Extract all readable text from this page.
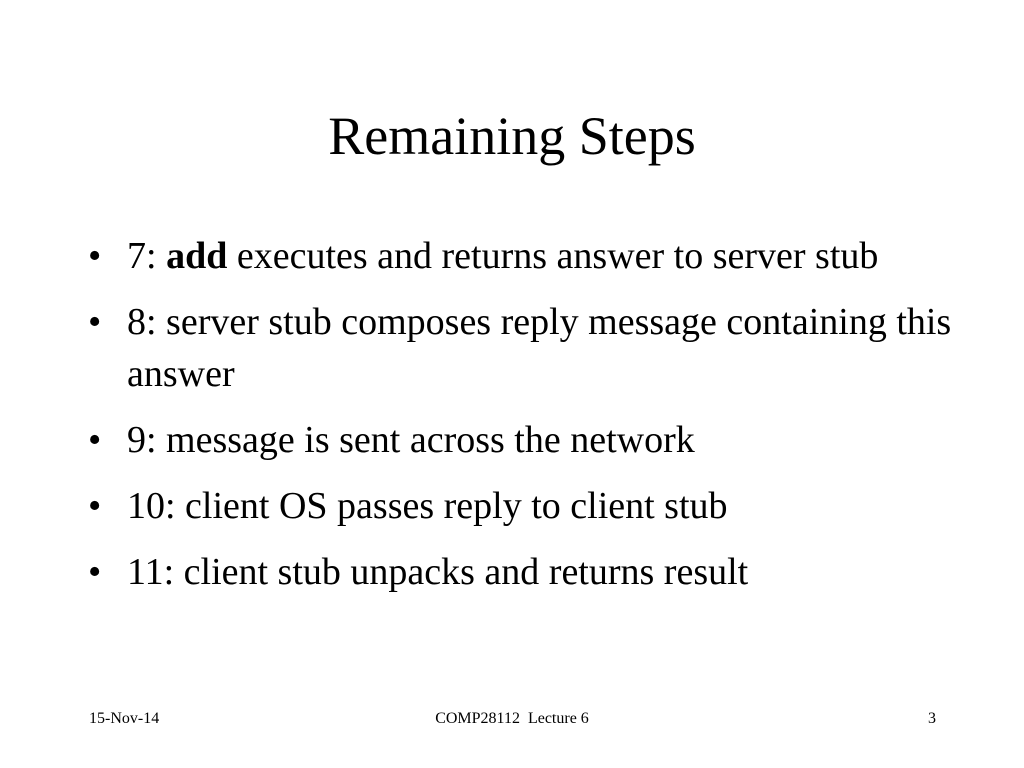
Remaining Steps
• 7: add executes and returns answer to server stub
• 8: server stub composes reply message containing this answer
• 9: message is sent across the network
• 10: client OS passes reply to client stub
• 11: client stub unpacks and returns result
15-Nov-14	COMP28112  Lecture 6	3
